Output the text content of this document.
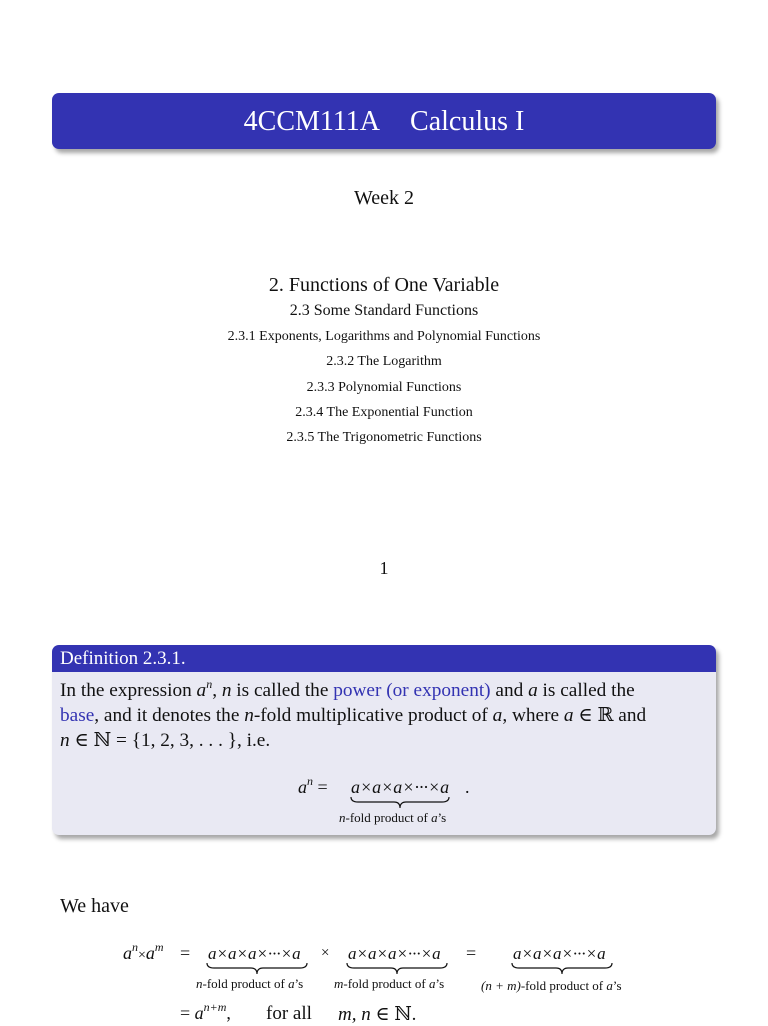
4CCM111A Calculus I
Week 2
2. Functions of One Variable
2.3 Some Standard Functions
2.3.1 Exponents, Logarithms and Polynomial Functions
2.3.2 The Logarithm
2.3.3 Polynomial Functions
2.3.4 The Exponential Function
2.3.5 The Trigonometric Functions
1
Definition 2.3.1.
In the expression $a^n$, n is called the power (or exponent) and a is called the
base, and it denotes the n-fold multiplicative product of a, where a ∈ ℝ and
n ∈ ℕ = {1, 2, 3, . . . }, i.e.
$a^n = a\times a\times a\times\cdot\cdot\cdot\times a$ .
n-fold product of a’s
We have
$a^n\times a^m = a\times a\times a\times\cdot\cdot\cdot\times a$
n-fold product of a’s
× a×a×a×···×a
m-fold product of a’s
= a×a×a×···×a
(n + m)-fold product of a’s
= $a^{n+m}$, for all m, n ∈ ℕ.
